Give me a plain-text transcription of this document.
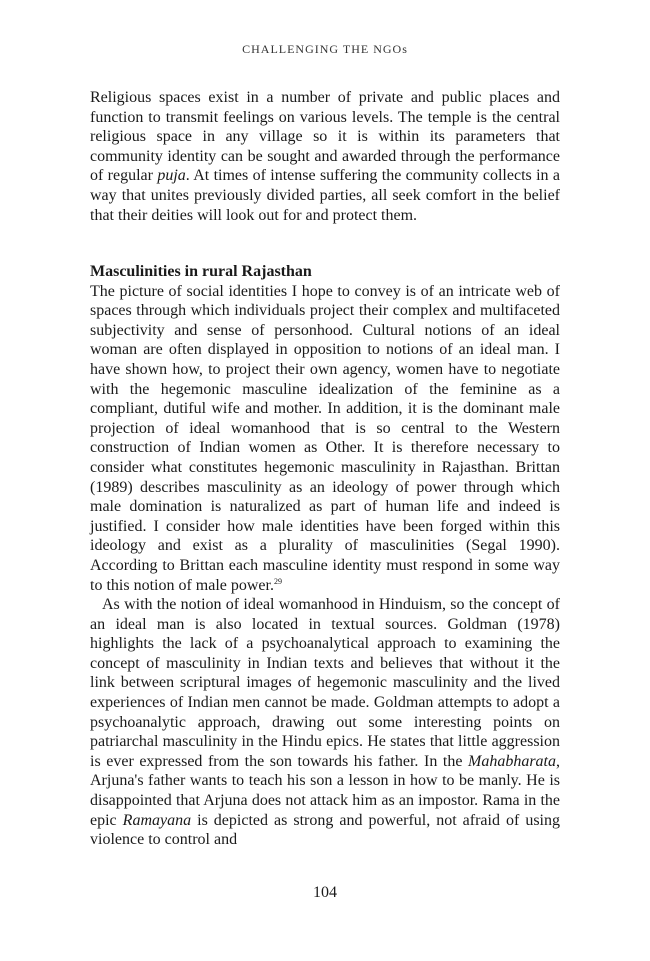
CHALLENGING THE NGOs

Religious spaces exist in a number of private and public places and function to transmit feelings on various levels. The temple is the central religious space in any village so it is within its parameters that community identity can be sought and awarded through the performance of regular puja. At times of intense suffering the community collects in a way that unites previously divided parties, all seek comfort in the belief that their deities will look out for and protect them.

Masculinities in rural Rajasthan

The picture of social identities I hope to convey is of an intricate web of spaces through which individuals project their complex and multifaceted subjectivity and sense of personhood. Cultural notions of an ideal woman are often displayed in opposition to notions of an ideal man. I have shown how, to project their own agency, women have to negotiate with the hegemonic masculine idealization of the feminine as a compliant, dutiful wife and mother. In addition, it is the dominant male projection of ideal womanhood that is so central to the Western construction of Indian women as Other. It is therefore necessary to consider what constitutes hegemonic masculinity in Rajasthan. Brittan (1989) describes masculinity as an ideology of power through which male domination is naturalized as part of human life and indeed is justified. I consider how male identities have been forged within this ideology and exist as a plurality of masculinities (Segal 1990). According to Brittan each masculine identity must respond in some way to this notion of male power.$^{29}$

As with the notion of ideal womanhood in Hinduism, so the concept of an ideal man is also located in textual sources. Goldman (1978) highlights the lack of a psychoanalytical approach to examining the concept of masculinity in Indian texts and believes that without it the link between scriptural images of hegemonic masculinity and the lived experiences of Indian men cannot be made. Goldman attempts to adopt a psychoanalytic approach, drawing out some interesting points on patriarchal masculinity in the Hindu epics. He states that little aggression is ever expressed from the son towards his father. In the Mahabharata, Arjuna's father wants to teach his son a lesson in how to be manly. He is disappointed that Arjuna does not attack him as an impostor. Rama in the epic Ramayana is depicted as strong and powerful, not afraid of using violence to control and

104
